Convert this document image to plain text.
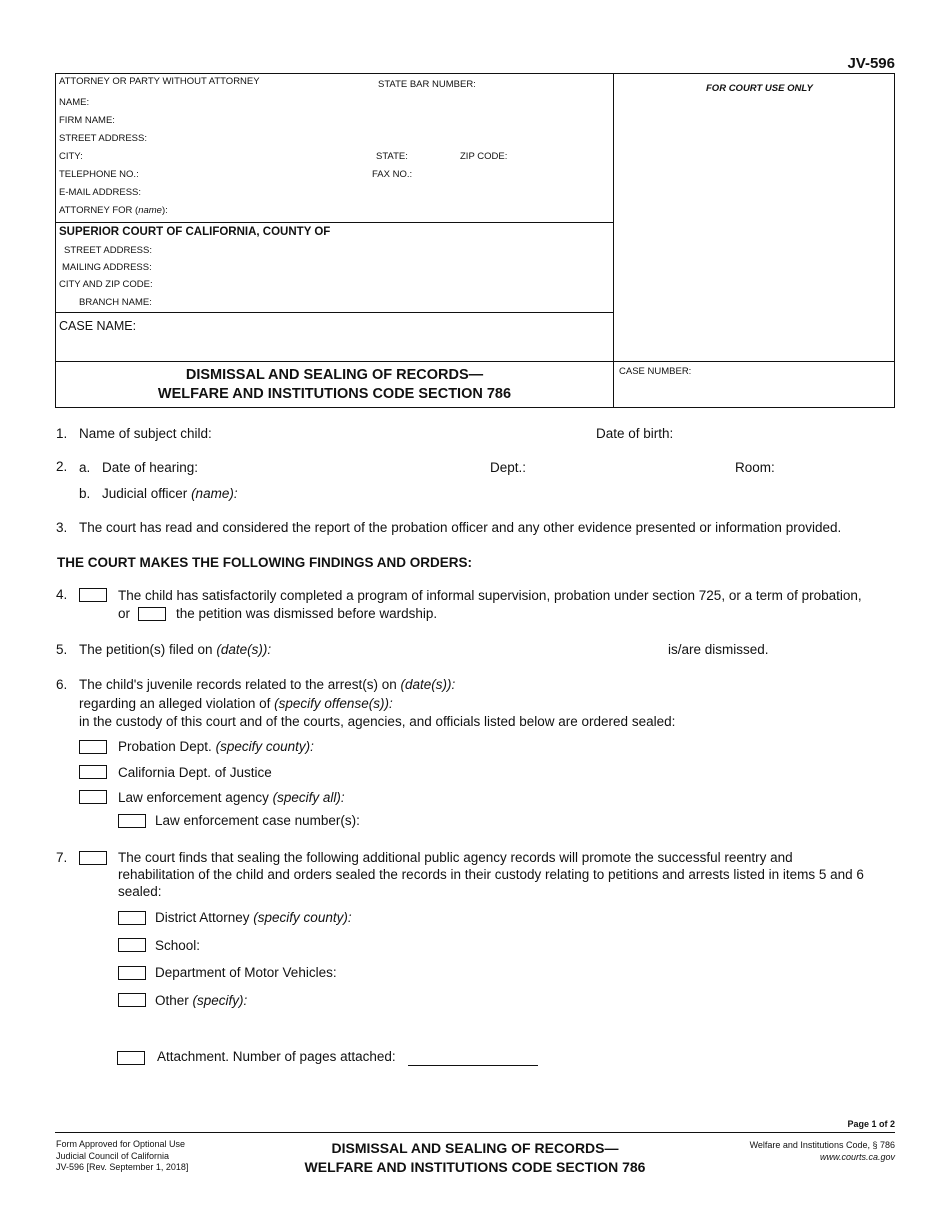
JV-596
ATTORNEY OR PARTY WITHOUT ATTORNEY	STATE BAR NUMBER:	FOR COURT USE ONLY
NAME:
FIRM NAME:
STREET ADDRESS:
CITY:	STATE:	ZIP CODE:
TELEPHONE NO.:	FAX NO.:
E-MAIL ADDRESS:
ATTORNEY FOR (name):
SUPERIOR COURT OF CALIFORNIA, COUNTY OF
STREET ADDRESS:
MAILING ADDRESS:
CITY AND ZIP CODE:
BRANCH NAME:
CASE NAME:
DISMISSAL AND SEALING OF RECORDS—
WELFARE AND INSTITUTIONS CODE SECTION 786
CASE NUMBER:
1. Name of subject child:	Date of birth:
2. a. Date of hearing:	Dept.:	Room:
b. Judicial officer (name):
3. The court has read and considered the report of the probation officer and any other evidence presented or information provided.
THE COURT MAKES THE FOLLOWING FINDINGS AND ORDERS:
4.	The child has satisfactorily completed a program of informal supervision, probation under section 725, or a term of probation,
or	the petition was dismissed before wardship.
5. The petition(s) filed on (date(s)):	is/are dismissed.
6. The child's juvenile records related to the arrest(s) on (date(s)):
regarding an alleged violation of (specify offense(s)):
in the custody of this court and of the courts, agencies, and officials listed below are ordered sealed:
Probation Dept. (specify county):
California Dept. of Justice
Law enforcement agency (specify all):
Law enforcement case number(s):
7.	The court finds that sealing the following additional public agency records will promote the successful reentry and
rehabilitation of the child and orders sealed the records in their custody relating to petitions and arrests listed in items 5 and 6
sealed:
District Attorney (specify county):
School:
Department of Motor Vehicles:
Other (specify):
Attachment. Number of pages attached:
Page 1 of 2
Form Approved for Optional Use
Judicial Council of California
JV-596 [Rev. September 1, 2018]
DISMISSAL AND SEALING OF RECORDS—
WELFARE AND INSTITUTIONS CODE SECTION 786
Welfare and Institutions Code, § 786
www.courts.ca.gov
